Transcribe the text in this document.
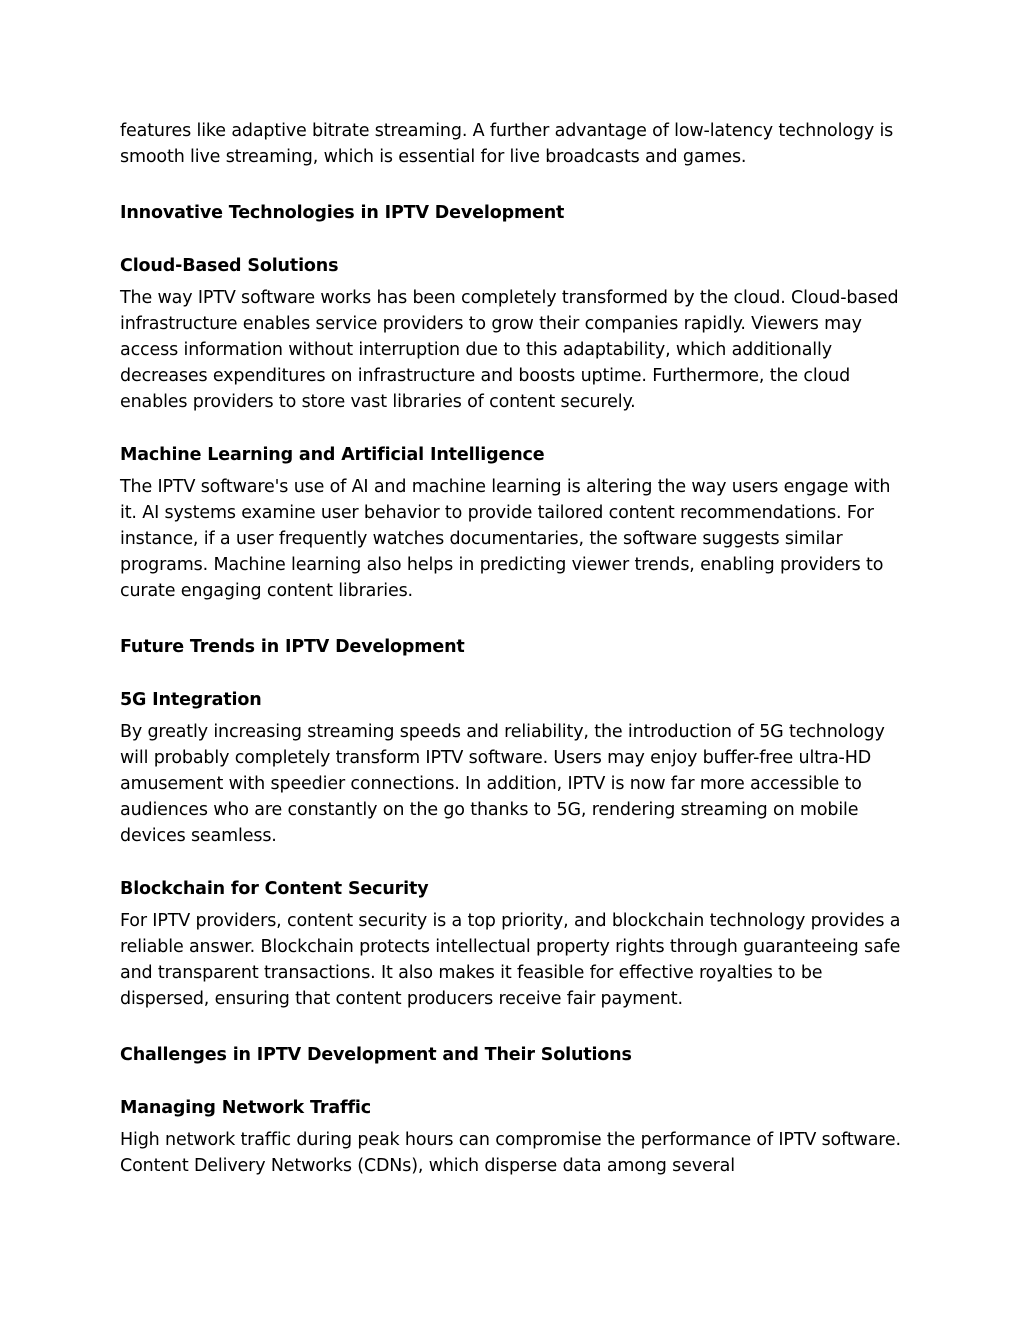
features like adaptive bitrate streaming. A further advantage of low-latency technology is smooth live streaming, which is essential for live broadcasts and games.

Innovative Technologies in IPTV Development
Cloud-Based Solutions

The way IPTV software works has been completely transformed by the cloud. Cloud-based infrastructure enables service providers to grow their companies rapidly. Viewers may access information without interruption due to this adaptability, which additionally decreases expenditures on infrastructure and boosts uptime. Furthermore, the cloud enables providers to store vast libraries of content securely.

Machine Learning and Artificial Intelligence

The IPTV software's use of AI and machine learning is altering the way users engage with it. AI systems examine user behavior to provide tailored content recommendations. For instance, if a user frequently watches documentaries, the software suggests similar programs. Machine learning also helps in predicting viewer trends, enabling providers to curate engaging content libraries.

Future Trends in IPTV Development
5G Integration

By greatly increasing streaming speeds and reliability, the introduction of 5G technology will probably completely transform IPTV software. Users may enjoy buffer-free ultra-HD amusement with speedier connections. In addition, IPTV is now far more accessible to audiences who are constantly on the go thanks to 5G, rendering streaming on mobile devices seamless.

Blockchain for Content Security

For IPTV providers, content security is a top priority, and blockchain technology provides a reliable answer. Blockchain protects intellectual property rights through guaranteeing safe and transparent transactions. It also makes it feasible for effective royalties to be dispersed, ensuring that content producers receive fair payment.

Challenges in IPTV Development and Their Solutions
Managing Network Traffic

High network traffic during peak hours can compromise the performance of IPTV software. Content Delivery Networks (CDNs), which disperse data among several
